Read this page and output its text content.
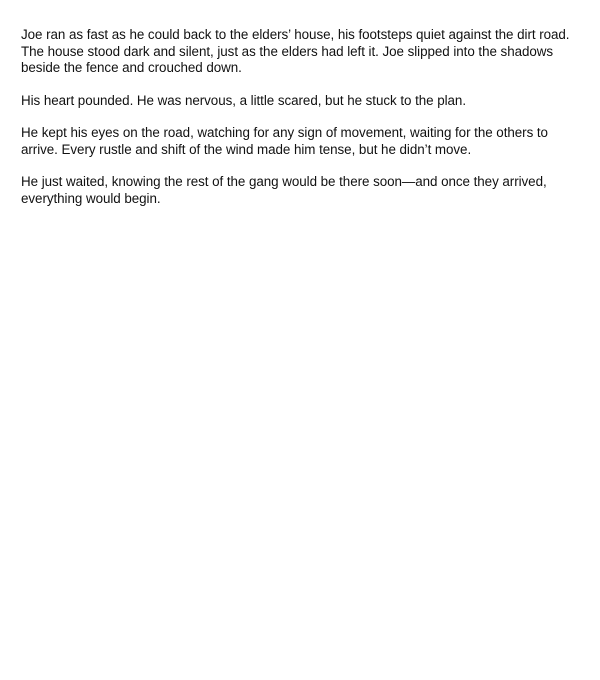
Joe ran as fast as he could back to the elders’ house, his footsteps quiet against the dirt road. The house stood dark and silent, just as the elders had left it. Joe slipped into the shadows beside the fence and crouched down.

His heart pounded. He was nervous, a little scared, but he stuck to the plan.

He kept his eyes on the road, watching for any sign of movement, waiting for the others to arrive. Every rustle and shift of the wind made him tense, but he didn’t move.

He just waited, knowing the rest of the gang would be there soon—and once they arrived, everything would begin.
